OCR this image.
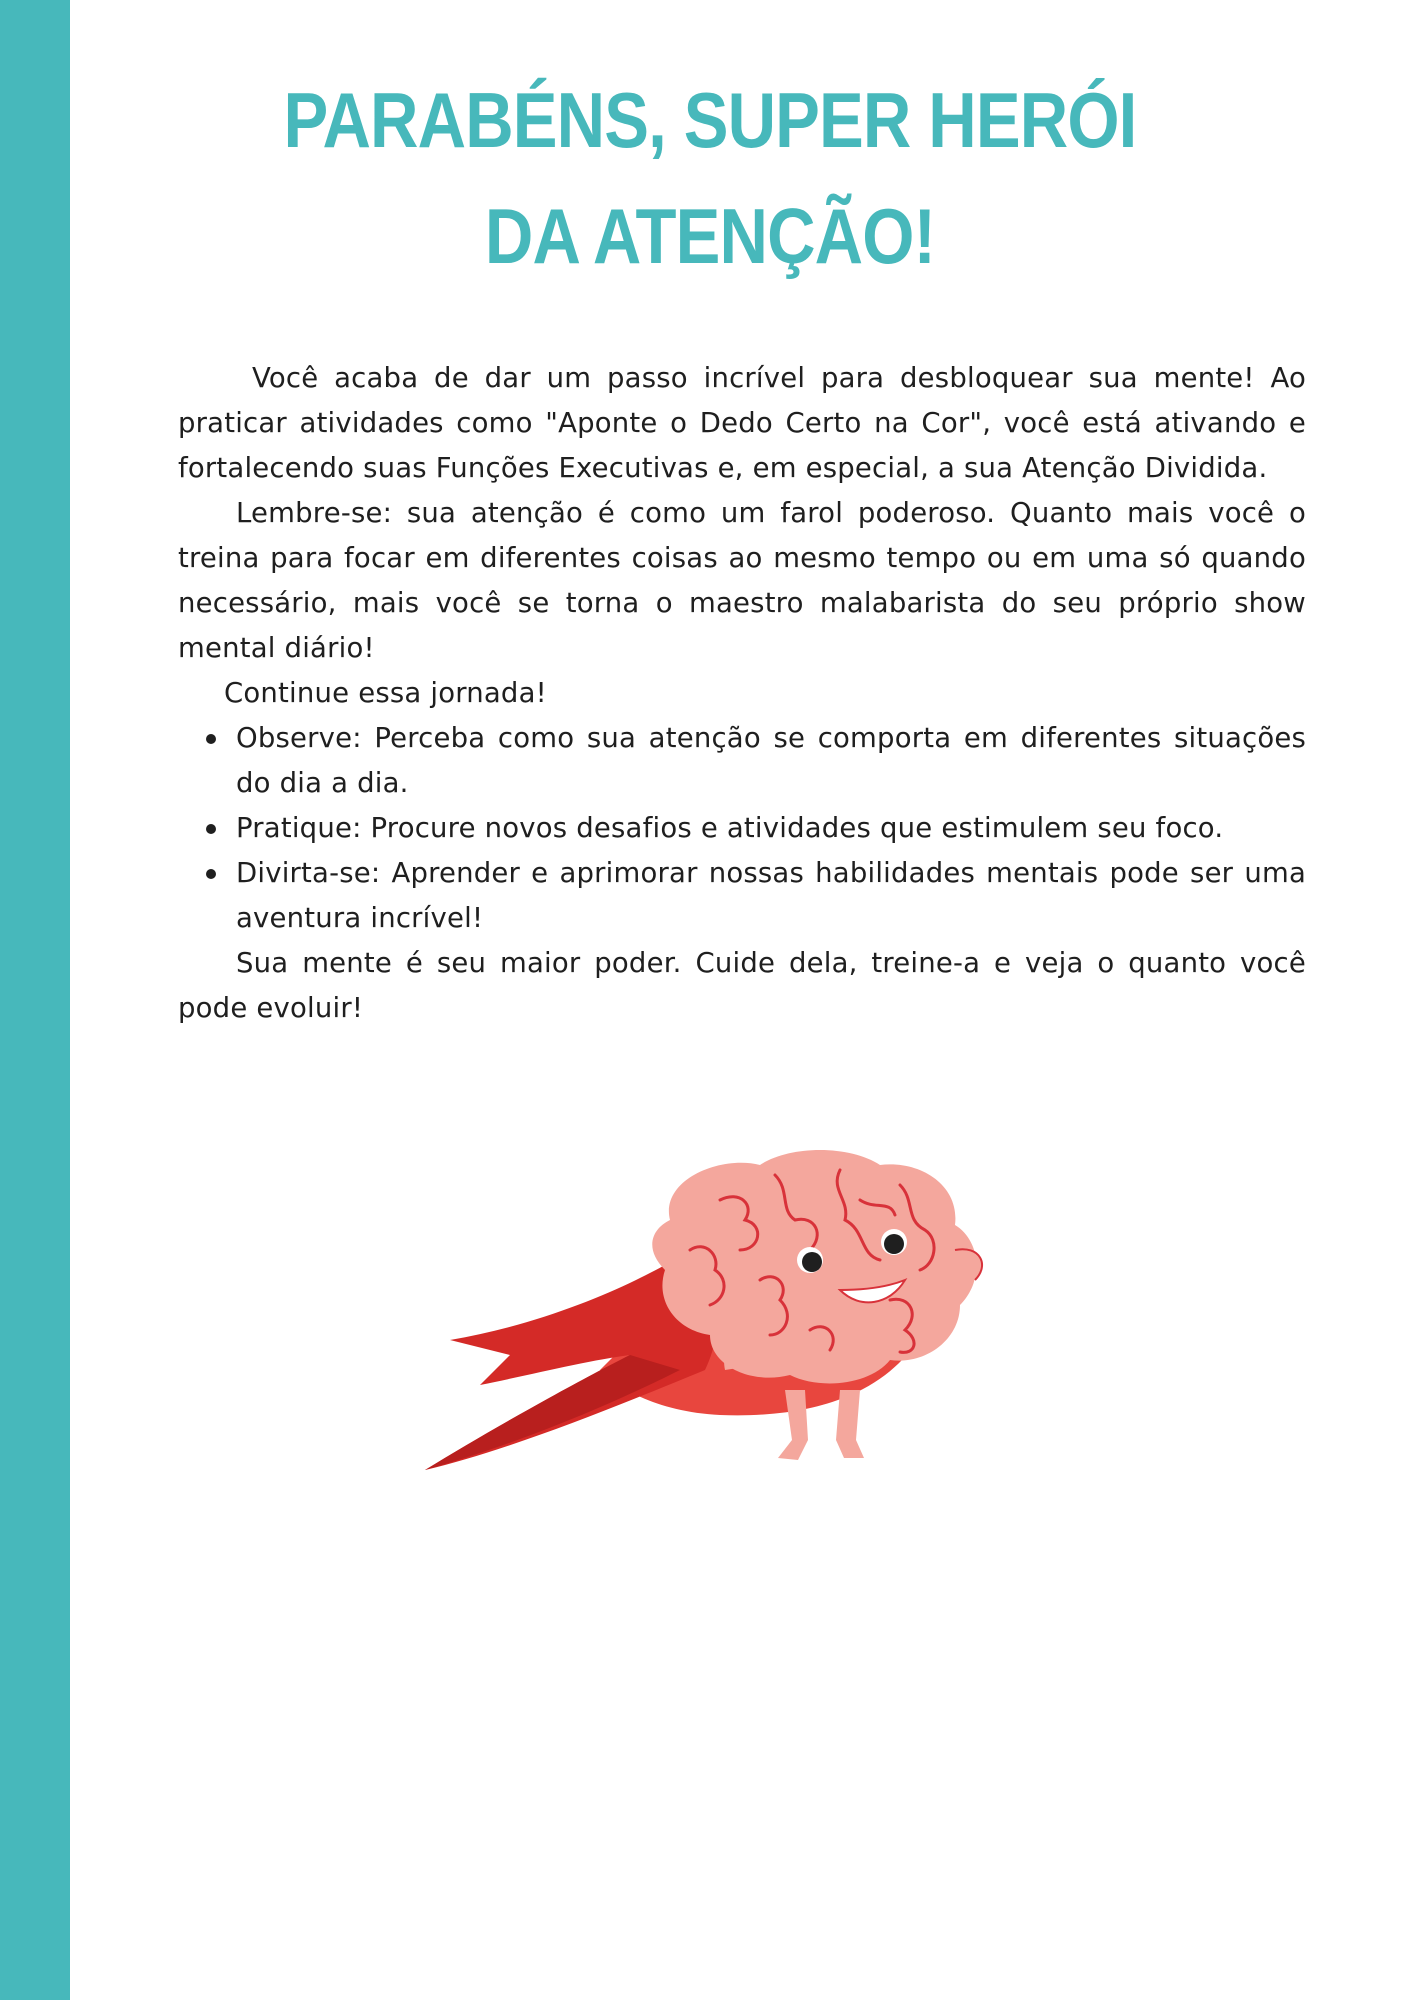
PARABÉNS, SUPER HERÓI DA ATENÇÃO!

Você acaba de dar um passo incrível para desbloquear sua mente! Ao praticar atividades como "Aponte o Dedo Certo na Cor", você está ativando e fortalecendo suas Funções Executivas e, em especial, a sua Atenção Dividida.

Lembre-se: sua atenção é como um farol poderoso. Quanto mais você o treina para focar em diferentes coisas ao mesmo tempo ou em uma só quando necessário, mais você se torna o maestro malabarista do seu próprio show mental diário!

Continue essa jornada!

Observe: Perceba como sua atenção se comporta em diferentes situações do dia a dia.
Pratique: Procure novos desafios e atividades que estimulem seu foco.
Divirta-se: Aprender e aprimorar nossas habilidades mentais pode ser uma aventura incrível!

Sua mente é seu maior poder. Cuide dela, treine-a e veja o quanto você pode evoluir!
